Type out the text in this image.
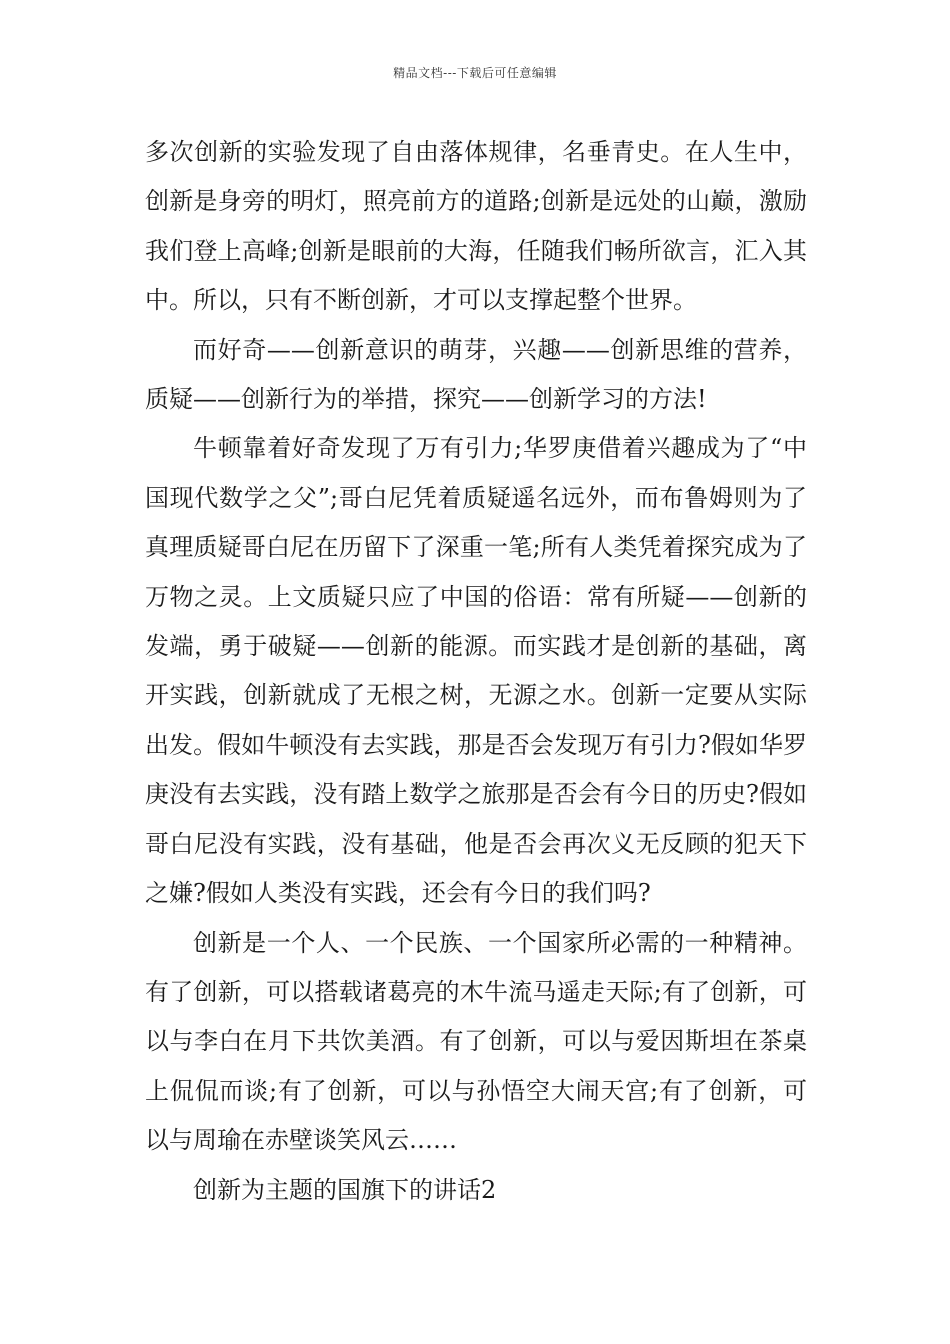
精品文档---下载后可任意编辑

多次创新的实验发现了自由落体规律，名垂青史。在人生中，创新是身旁的明灯，照亮前方的道路;创新是远处的山巅，激励我们登上高峰;创新是眼前的大海，任随我们畅所欲言，汇入其中。所以，只有不断创新，才可以支撑起整个世界。

而好奇——创新意识的萌芽，兴趣——创新思维的营养，质疑——创新行为的举措，探究——创新学习的方法!

牛顿靠着好奇发现了万有引力;华罗庚借着兴趣成为了“中国现代数学之父”;哥白尼凭着质疑遥名远外，而布鲁姆则为了真理质疑哥白尼在历留下了深重一笔;所有人类凭着探究成为了万物之灵。上文质疑只应了中国的俗语：常有所疑——创新的发端，勇于破疑——创新的能源。而实践才是创新的基础，离开实践，创新就成了无根之树，无源之水。创新一定要从实际出发。假如牛顿没有去实践，那是否会发现万有引力?假如华罗庚没有去实践，没有踏上数学之旅那是否会有今日的历史?假如哥白尼没有实践，没有基础，他是否会再次义无反顾的犯天下之嫌?假如人类没有实践，还会有今日的我们吗?

创新是一个人、一个民族、一个国家所必需的一种精神。有了创新，可以搭载诸葛亮的木牛流马遥走天际;有了创新，可以与李白在月下共饮美酒。有了创新，可以与爱因斯坦在茶桌上侃侃而谈;有了创新，可以与孙悟空大闹天宫;有了创新，可以与周瑜在赤壁谈笑风云……

创新为主题的国旗下的讲话2
